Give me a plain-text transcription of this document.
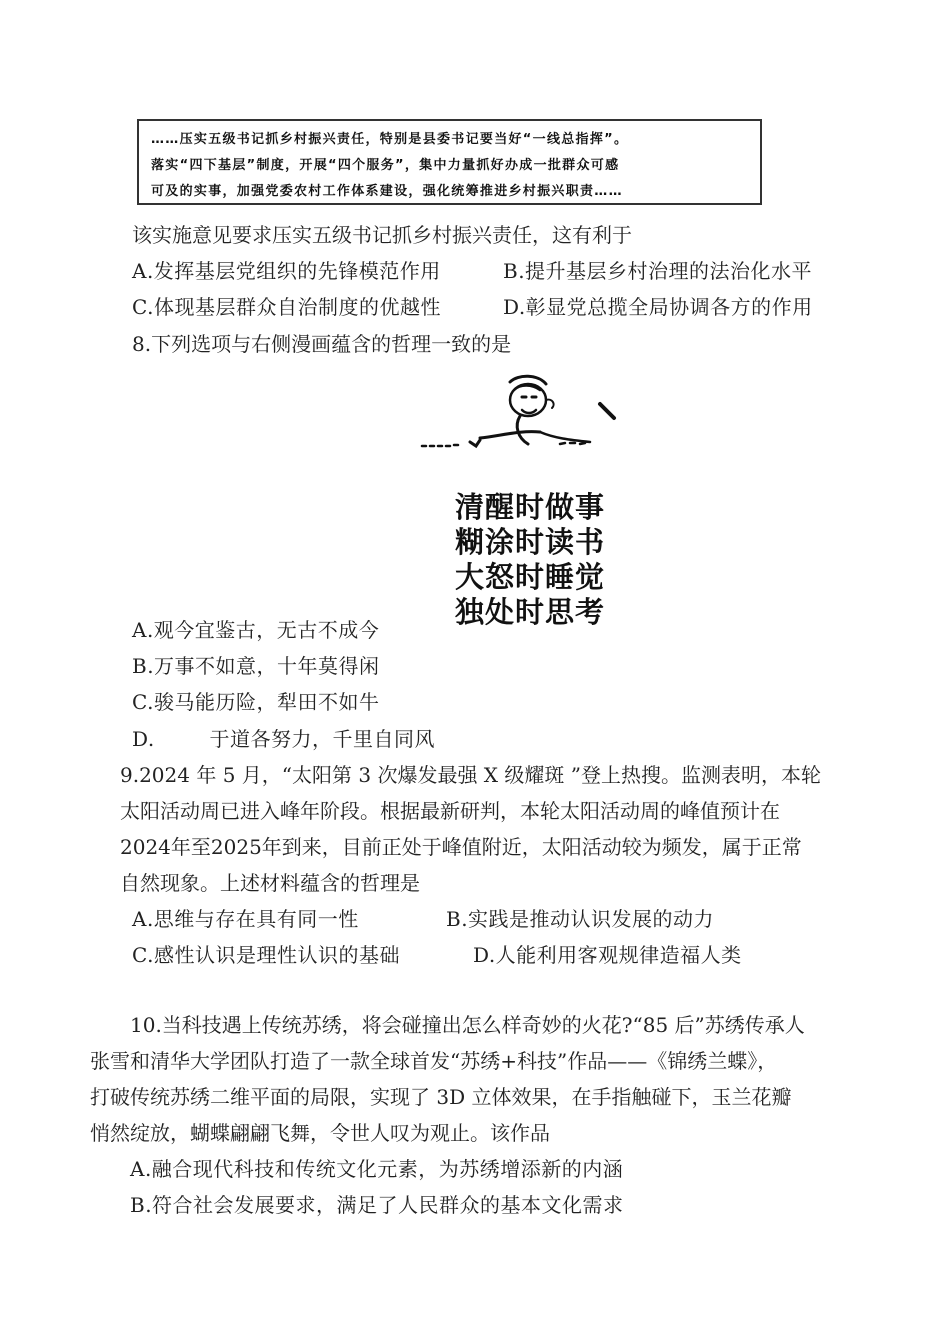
……压实五级书记抓乡村振兴责任，特别是县委书记要当好“一线总指挥”。
落实“四下基层”制度，开展“四个服务”，集中力量抓好办成一批群众可感
可及的实事，加强党委农村工作体系建设，强化统筹推进乡村振兴职责……
该实施意见要求压实五级书记抓乡村振兴责任，这有利于
A.发挥基层党组织的先锋模范作用	B.提升基层乡村治理的法治化水平
C.体现基层群众自治制度的优越性	D.彰显党总揽全局协调各方的作用
8.下列选项与右侧漫画蕴含的哲理一致的是
清醒时做事
糊涂时读书
大怒时睡觉
独处时思考
A.观今宜鉴古，无古不成今
B.万事不如意，十年莫得闲
C.骏马能历险，犁田不如牛
D.        于道各努力，千里自同风
9.2024 年 5 月，“太阳第 3 次爆发最强 X 级耀斑 ”登上热搜。监测表明，本轮
太阳活动周已进入峰年阶段。根据最新研判，本轮太阳活动周的峰值预计在
2024年至2025年到来，目前正处于峰值附近，太阳活动较为频发，属于正常
自然现象。上述材料蕴含的哲理是
A.思维与存在具有同一性	B.实践是推动认识发展的动力
C.感性认识是理性认识的基础	D.人能利用客观规律造福人类
10.当科技遇上传统苏绣，将会碰撞出怎么样奇妙的火花?“85 后”苏绣传承人
张雪和清华大学团队打造了一款全球首发“苏绣+科技”作品——《锦绣兰蝶》，
打破传统苏绣二维平面的局限，实现了 3D 立体效果，在手指触碰下，玉兰花瓣
悄然绽放，蝴蝶翩翩飞舞，令世人叹为观止。该作品
A.融合现代科技和传统文化元素，为苏绣增添新的内涵
B.符合社会发展要求，满足了人民群众的基本文化需求
